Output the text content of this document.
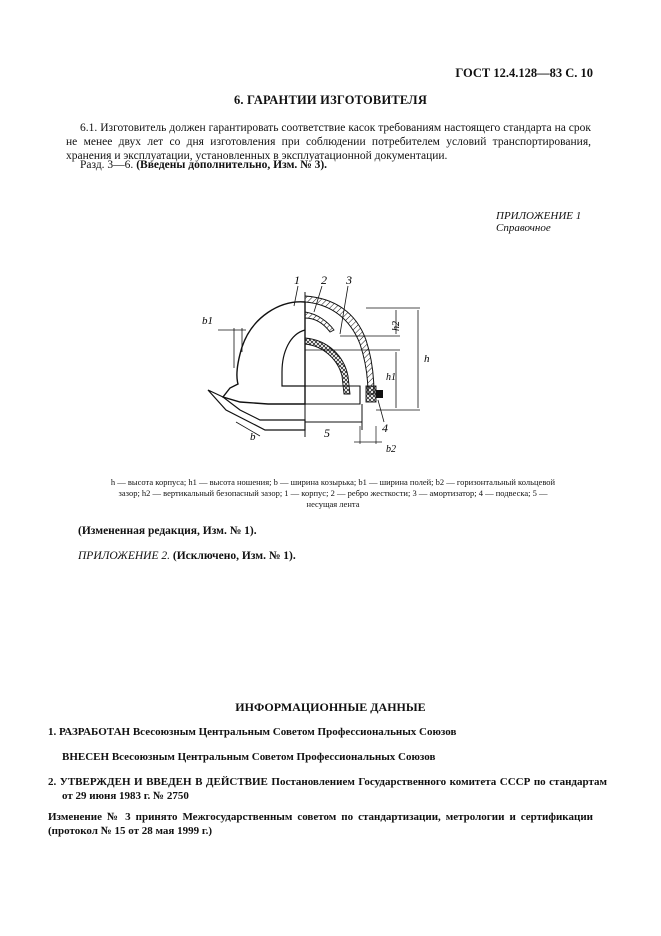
ГОСТ 12.4.128—83 С. 10
6. ГАРАНТИИ ИЗГОТОВИТЕЛЯ
6.1. Изготовитель должен гарантировать соответствие касок требованиям настоящего стандарта на срок не менее двух лет со дня изготовления при соблюдении потребителем условий транспортирования, хранения и эксплуатации, установленных в эксплуатационной документации.
Разд. 3—6. (Введены дополнительно, Изм. № 3).
ПРИЛОЖЕНИЕ 1
Справочное
1 2 3
4
5
b1	h2
h
h1
b
b2
h — высота корпуса; h1 — высота ношения; b — ширина козырька; b1 — ширина полей; b2 — горизонтальный кольцевой зазор; h2 — вертикальный безопасный зазор; 1 — корпус; 2 — ребро жесткости; 3 — амортизатор; 4 — подвеска; 5 — несущая лента
(Измененная редакция, Изм. № 1).
ПРИЛОЖЕНИЕ 2. (Исключено, Изм. № 1).
ИНФОРМАЦИОННЫЕ ДАННЫЕ
1. РАЗРАБОТАН Всесоюзным Центральным Советом Профессиональных Союзов
ВНЕСЕН Всесоюзным Центральным Советом Профессиональных Союзов
2. УТВЕРЖДЕН И ВВЕДЕН В ДЕЙСТВИЕ Постановлением Государственного комитета СССР по стандартам от 29 июня 1983 г. № 2750
Изменение № 3 принято Межгосударственным советом по стандартизации, метрологии и сертификации (протокол № 15 от 28 мая 1999 г.)
